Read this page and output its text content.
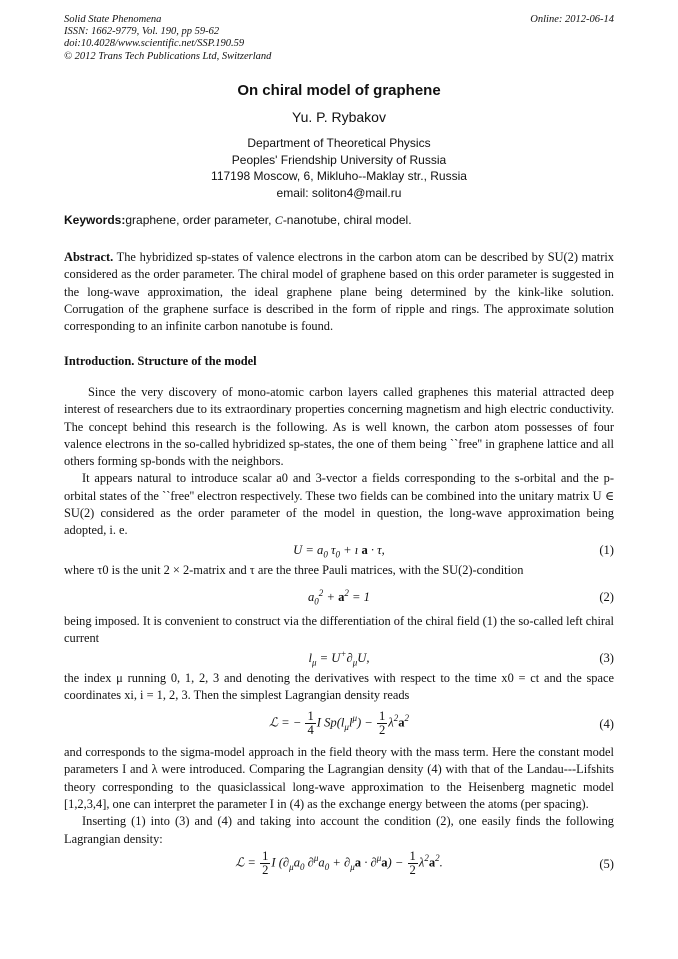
Solid State Phenomena
ISSN: 1662-9779, Vol. 190, pp 59-62
doi:10.4028/www.scientific.net/SSP.190.59
© 2012 Trans Tech Publications Ltd, Switzerland
Online: 2012-06-14
On chiral model of graphene
Yu. P. Rybakov
Department of Theoretical Physics
Peoples' Friendship University of Russia
117198 Moscow, 6, Mikluho--Maklay str., Russia
email: soliton4@mail.ru
Keywords:graphene, order parameter, C-nanotube, chiral model.

Abstract. The hybridized sp-states of valence electrons in the carbon atom can be described by SU(2) matrix considered as the order parameter. The chiral model of graphene based on this order parameter is suggested in the long-wave approximation, the ideal graphene plane being determined by the kink-like solution. Corrugation of the graphene surface is described in the form of ripple and rings. The approximate solution corresponding to an infinite carbon nanotube is found.

Introduction. Structure of the model

Since the very discovery of mono-atomic carbon layers called graphenes this material attracted deep interest of researchers due to its extraordinary properties concerning magnetism and high electric conductivity. The concept behind this research is the following. As is well known, the carbon atom possesses of four valence electrons in the so-called hybridized sp-states, the one of them being ``free'' in graphene lattice and all others forming sp-bonds with the neighbors.

It appears natural to introduce scalar a0 and 3-vector a fields corresponding to the s-orbital and the p-orbital states of the ``free'' electron respectively. These two fields can be combined into the unitary matrix U ∈ SU(2) considered as the order parameter of the model in question, the long-wave approximation being adopted, i. e.

$U = a_0$ $\tau_0$ + ı a · τ,	(1)

where τ0 is the unit 2 × 2-matrix and τ are the three Pauli matrices, with the SU(2)-condition

$a_0^2 + a^2 = 1$	(2)

being imposed. It is convenient to construct via the differentiation of the chiral field (1) the so-called left chiral current

$l_\mu = U^+\partial_\mu U$,	(3)

the index μ running 0, 1, 2, 3 and denoting the derivatives with respect to the time x0 = ct and the space coordinates xi, i = 1, 2, 3. Then the simplest Lagrangian density reads

ℒ = − $\frac{1}{4}$ I $Sp(l_\mu l^\mu) - \frac{1}{2} \lambda^2a^2$	(4)

and corresponds to the sigma-model approach in the field theory with the mass term. Here the constant model parameters I and λ were introduced. Comparing the Lagrangian density (4) with that of the Landau---Lifshits theory corresponding to the quasiclassical long-wave approximation to the Heisenberg magnetic model [1,2,3,4], one can interpret the parameter I in (4) as the exchange energy between the atoms (per spacing).

Inserting (1) into (3) and (4) and taking into account the condition (2), one easily finds the following Lagrangian density:

ℒ = $\frac{1}{2}$ I ($\partial_\mu a_0$ $\partial^\mu a_0 + \partial_\mu a \cdot \partial^\mu a) - \frac{1}{2} \lambda^2a^2$.	(5)
